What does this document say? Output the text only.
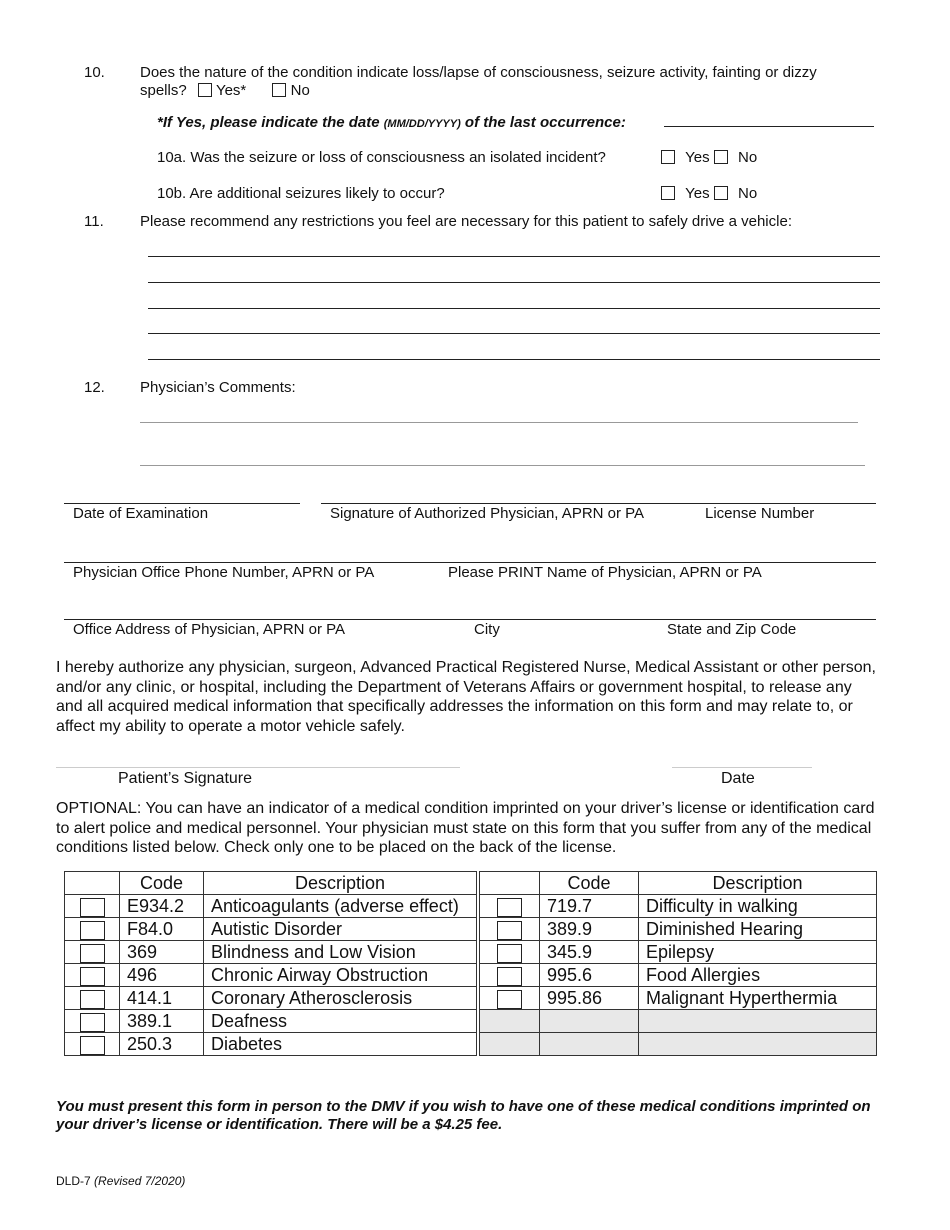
10. Does the nature of the condition indicate loss/lapse of consciousness, seizure activity, fainting or dizzy
spells? Yes*	No
*If Yes, please indicate the date (MM/DD/YYYY) of the last occurrence:
10a. Was the seizure or loss of consciousness an isolated incident?	Yes No
10b. Are additional seizures likely to occur?	Yes No
11. Please recommend any restrictions you feel are necessary for this patient to safely drive a vehicle:
12. Physician’s Comments:
Date of Examination	Signature of Authorized Physician, APRN or PA	License Number
Physician Office Phone Number, APRN or PA	Please PRINT Name of Physician, APRN or PA
Office Address of Physician, APRN or PA	City	State and Zip Code
I hereby authorize any physician, surgeon, Advanced Practical Registered Nurse, Medical Assistant or other person, and/or any clinic, or hospital, including the Department of Veterans Affairs or government hospital, to release any and all acquired medical information that specifically addresses the information on this form and may relate to, or affect my ability to operate a motor vehicle safely.
Patient’s Signature	Date
OPTIONAL: You can have an indicator of a medical condition imprinted on your driver’s license or identification card to alert police and medical personnel. Your physician must state on this form that you suffer from any of the medical conditions listed below. Check only one to be placed on the back of the license.
	Code	Description
	E934.2	Anticoagulants (adverse effect)
	F84.0	Autistic Disorder
	369	Blindness and Low Vision
	496	Chronic Airway Obstruction
	414.1	Coronary Atherosclerosis
	389.1	Deafness
	250.3	Diabetes
	Code	Description
	719.7	Difficulty in walking
	389.9	Diminished Hearing
	345.9	Epilepsy
	995.6	Food Allergies
	995.86	Malignant Hyperthermia

You must present this form in person to the DMV if you wish to have one of these medical conditions imprinted on your driver’s license or identification. There will be a $4.25 fee.
DLD-7 (Revised 7/2020)
